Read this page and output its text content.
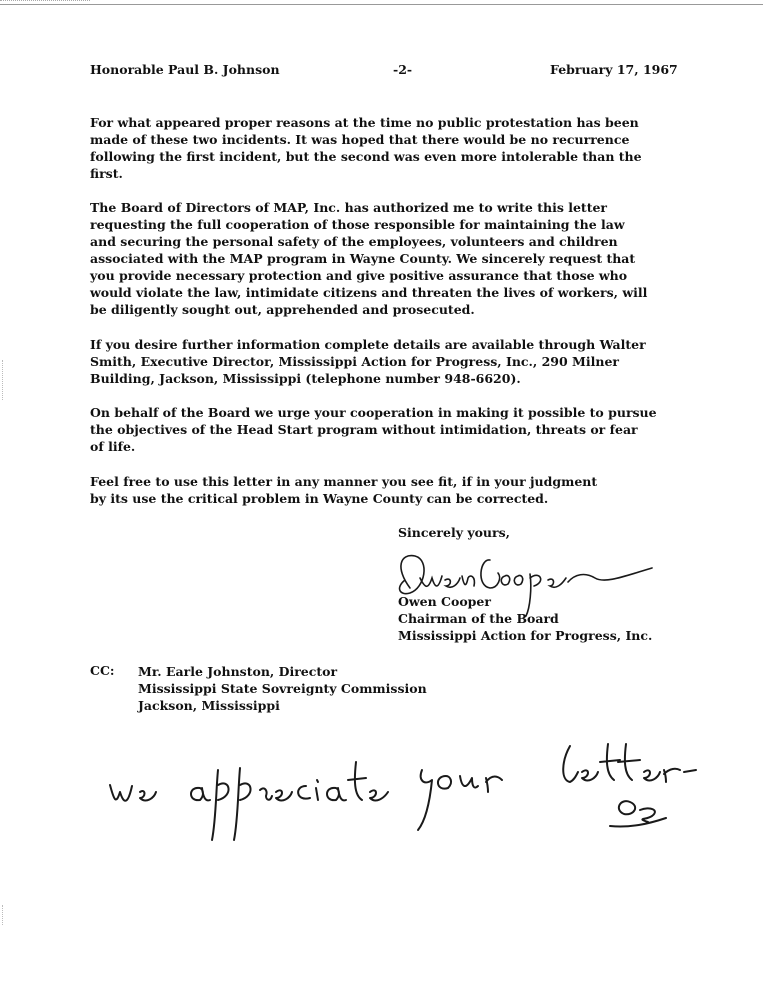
Honorable Paul B. Johnson	-2-	February 17, 1967
For what appeared proper reasons at the time no public protestation has been
made of these two incidents. It was hoped that there would be no recurrence
following the first incident, but the second was even more intolerable than the
first.
The Board of Directors of MAP, Inc. has authorized me to write this letter
requesting the full cooperation of those responsible for maintaining the law
and securing the personal safety of the employees, volunteers and children
associated with the MAP program in Wayne County. We sincerely request that
you provide necessary protection and give positive assurance that those who
would violate the law, intimidate citizens and threaten the lives of workers, will
be diligently sought out, apprehended and prosecuted.
If you desire further information complete details are available through Walter
Smith, Executive Director, Mississippi Action for Progress, Inc., 290 Milner
Building, Jackson, Mississippi (telephone number 948-6620).
On behalf of the Board we urge your cooperation in making it possible to pursue
the objectives of the Head Start program without intimidation, threats or fear
of life.
Feel free to use this letter in any manner you see fit, if in your judgment
by its use the critical problem in Wayne County can be corrected.
Sincerely yours,
Owen Cooper
Chairman of the Board
Mississippi Action for Progress, Inc.
CC: Mr. Earle Johnston, Director
Mississippi State Sovreignty Commission
Jackson, Mississippi
